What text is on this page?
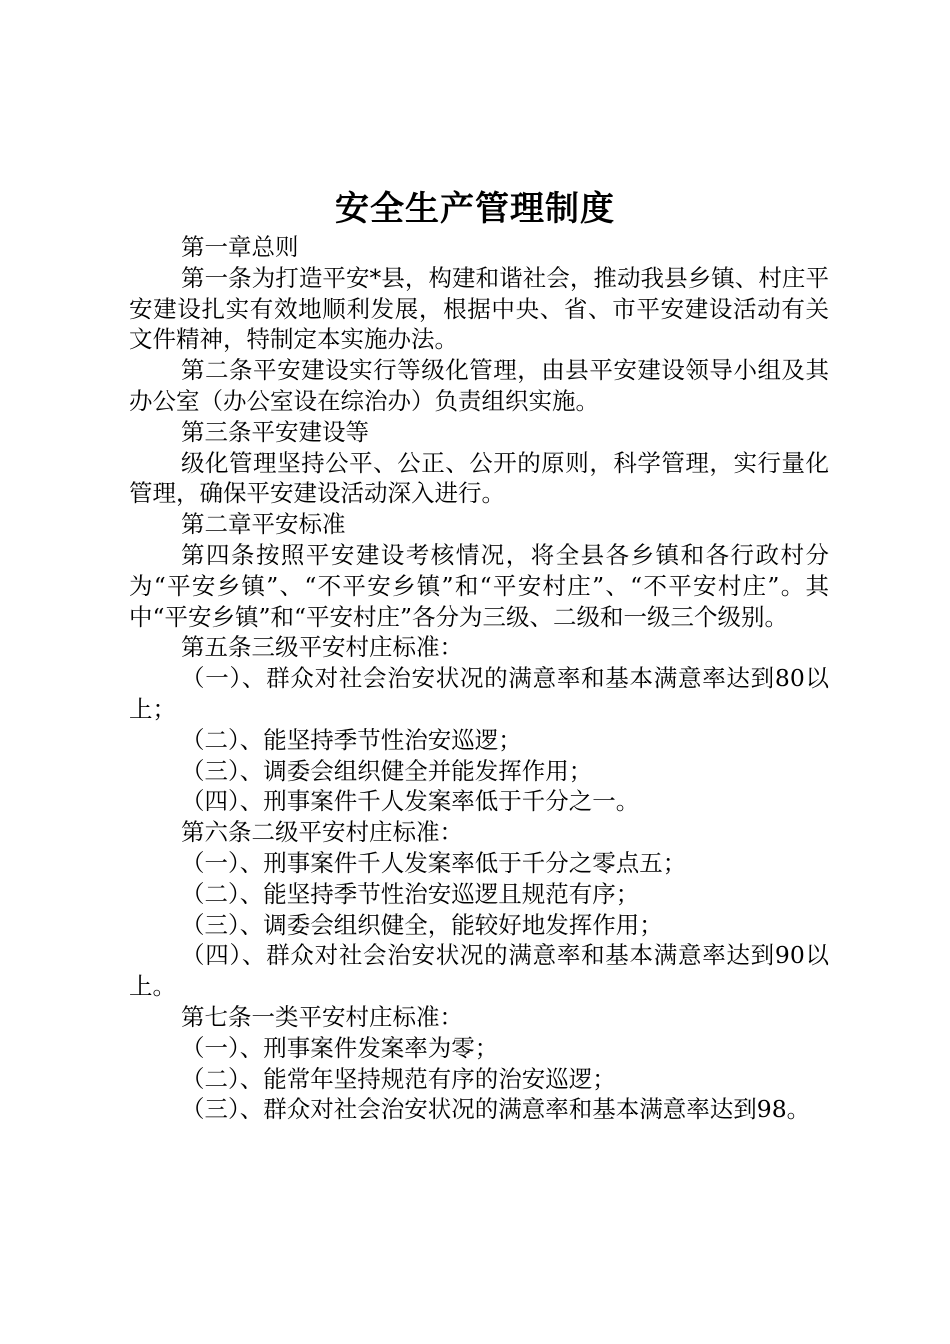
安全生产管理制度

第一章总则

第一条为打造平安*县，构建和谐社会，推动我县乡镇、村庄平安建设扎实有效地顺利发展，根据中央、省、市平安建设活动有关文件精神，特制定本实施办法。

第二条平安建设实行等级化管理，由县平安建设领导小组及其办公室（办公室设在综治办）负责组织实施。

第三条平安建设等

级化管理坚持公平、公正、公开的原则，科学管理，实行量化管理，确保平安建设活动深入进行。

第二章平安标准

第四条按照平安建设考核情况，将全县各乡镇和各行政村分为“平安乡镇”、“不平安乡镇”和“平安村庄”、“不平安村庄”。其中“平安乡镇”和“平安村庄”各分为三级、二级和一级三个级别。

第五条三级平安村庄标准：

（一）、群众对社会治安状况的满意率和基本满意率达到80以上；

（二）、能坚持季节性治安巡逻；

（三）、调委会组织健全并能发挥作用；

（四）、刑事案件千人发案率低于千分之一。

第六条二级平安村庄标准：

（一）、刑事案件千人发案率低于千分之零点五；

（二）、能坚持季节性治安巡逻且规范有序；

（三）、调委会组织健全，能较好地发挥作用；

（四）、群众对社会治安状况的满意率和基本满意率达到90以上。

第七条一类平安村庄标准：

（一）、刑事案件发案率为零；

（二）、能常年坚持规范有序的治安巡逻；

（三）、群众对社会治安状况的满意率和基本满意率达到98。
